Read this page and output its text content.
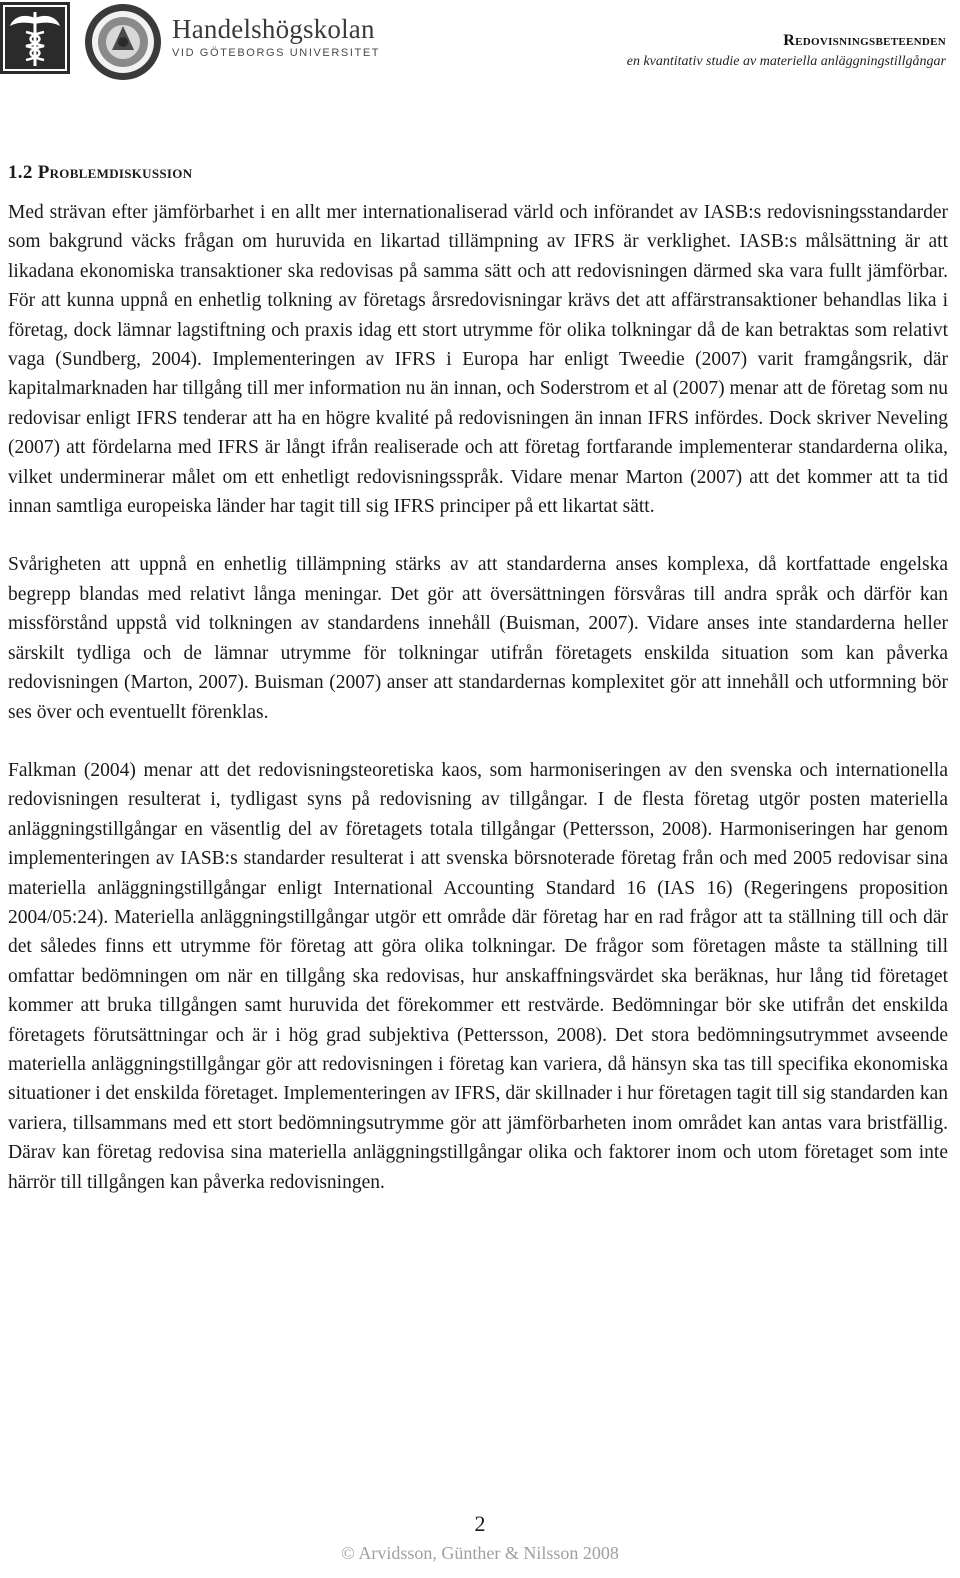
Handelshögskolan
VID GÖTEBORGS UNIVERSITET
Redovisningsbeteenden
en kvantitativ studie av materiella anläggningstillgångar
1.2 Problemdiskussion

Med strävan efter jämförbarhet i en allt mer internationaliserad värld och införandet av IASB:s redovisningsstandarder som bakgrund väcks frågan om huruvida en likartad tillämpning av IFRS är verklighet. IASB:s målsättning är att likadana ekonomiska transaktioner ska redovisas på samma sätt och att redovisningen därmed ska vara fullt jämförbar. För att kunna uppnå en enhetlig tolkning av företags årsredovisningar krävs det att affärstransaktioner behandlas lika i företag, dock lämnar lagstiftning och praxis idag ett stort utrymme för olika tolkningar då de kan betraktas som relativt vaga (Sundberg, 2004). Implementeringen av IFRS i Europa har enligt Tweedie (2007) varit framgångsrik, där kapitalmarknaden har tillgång till mer information nu än innan, och Soderstrom et al (2007) menar att de företag som nu redovisar enligt IFRS tenderar att ha en högre kvalité på redovisningen än innan IFRS infördes. Dock skriver Neveling (2007) att fördelarna med IFRS är långt ifrån realiserade och att företag fortfarande implementerar standarderna olika, vilket underminerar målet om ett enhetligt redovisningsspråk. Vidare menar Marton (2007) att det kommer att ta tid innan samtliga europeiska länder har tagit till sig IFRS principer på ett likartat sätt.

Svårigheten att uppnå en enhetlig tillämpning stärks av att standarderna anses komplexa, då kortfattade engelska begrepp blandas med relativt långa meningar. Det gör att översättningen försvåras till andra språk och därför kan missförstånd uppstå vid tolkningen av standardens innehåll (Buisman, 2007). Vidare anses inte standarderna heller särskilt tydliga och de lämnar utrymme för tolkningar utifrån företagets enskilda situation som kan påverka redovisningen (Marton, 2007). Buisman (2007) anser att standardernas komplexitet gör att innehåll och utformning bör ses över och eventuellt förenklas.

Falkman (2004) menar att det redovisningsteoretiska kaos, som harmoniseringen av den svenska och internationella redovisningen resulterat i, tydligast syns på redovisning av tillgångar. I de flesta företag utgör posten materiella anläggningstillgångar en väsentlig del av företagets totala tillgångar (Pettersson, 2008). Harmoniseringen har genom implementeringen av IASB:s standarder resulterat i att svenska börsnoterade företag från och med 2005 redovisar sina materiella anläggningstillgångar enligt International Accounting Standard 16 (IAS 16) (Regeringens proposition 2004/05:24). Materiella anläggningstillgångar utgör ett område där företag har en rad frågor att ta ställning till och där det således finns ett utrymme för företag att göra olika tolkningar. De frågor som företagen måste ta ställning till omfattar bedömningen om när en tillgång ska redovisas, hur anskaffningsvärdet ska beräknas, hur lång tid företaget kommer att bruka tillgången samt huruvida det förekommer ett restvärde. Bedömningar bör ske utifrån det enskilda företagets förutsättningar och är i hög grad subjektiva (Pettersson, 2008). Det stora bedömningsutrymmet avseende materiella anläggningstillgångar gör att redovisningen i företag kan variera, då hänsyn ska tas till specifika ekonomiska situationer i det enskilda företaget. Implementeringen av IFRS, där skillnader i hur företagen tagit till sig standarden kan variera, tillsammans med ett stort bedömningsutrymme gör att jämförbarheten inom området kan antas vara bristfällig. Därav kan företag redovisa sina materiella anläggningstillgångar olika och faktorer inom och utom företaget som inte härrör till tillgången kan påverka redovisningen.

2
© Arvidsson, Günther & Nilsson 2008
